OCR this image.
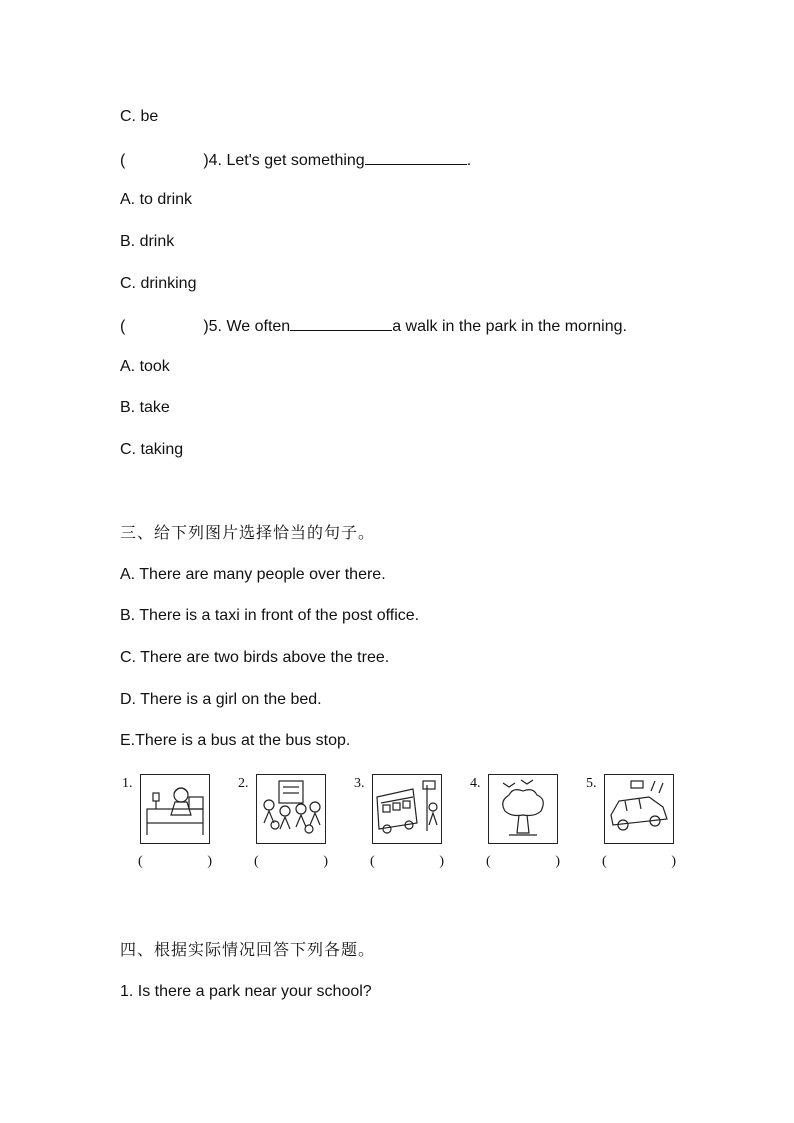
C. be
(	)4. Let's get something	.
A. to drink
B. drink
C. drinking
(	)5. We often	a walk in the park in the morning.
A. took
B. take
C. taking
三、给下列图片选择恰当的句子。
A. There are many people over there.
B. There is a taxi in front of the post office.
C. There are two birds above the tree.
D. There is a girl on the bed.
E.There is a bus at the bus stop.
1.
(	)
2.
(	)
3.
(	)
4.
(	)
5.
(	)
四、根据实际情况回答下列各题。
1. Is there a park near your school?
